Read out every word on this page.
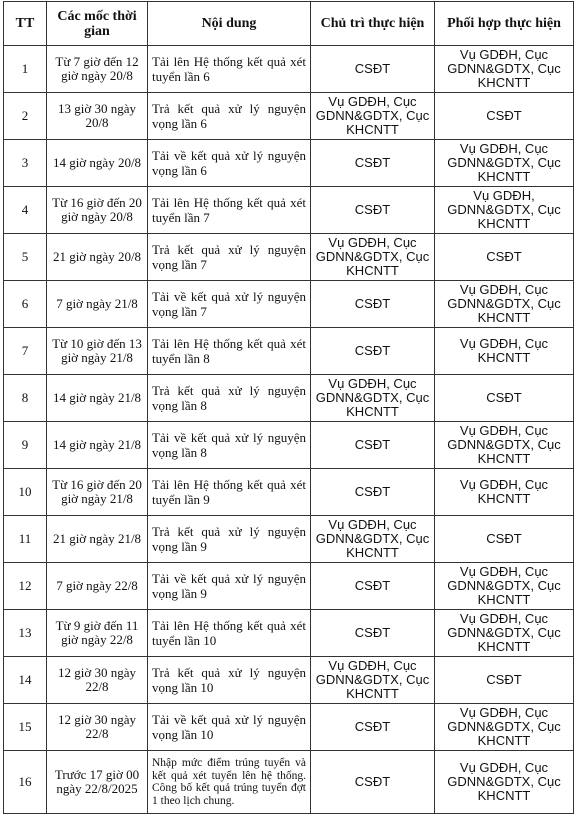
TT	Các mốc thời gian	Nội dung	Chủ trì thực hiện	Phối hợp thực hiện
1	Từ 7 giờ đến 12 giờ ngày 20/8	Tải lên Hệ thống kết quả xét tuyển lần 6	CSĐT	Vụ GDĐH, Cục GDNN&GDTX, Cục KHCNTT
2	13 giờ 30 ngày 20/8	Trả kết quả xử lý nguyện vọng lần 6	Vụ GDĐH, Cục GDNN&GDTX, Cục KHCNTT	CSĐT
3	14 giờ ngày 20/8	Tải về kết quả xử lý nguyện vọng lần 6	CSĐT	Vụ GDĐH, Cục GDNN&GDTX, Cục KHCNTT
4	Từ 16 giờ đến 20 giờ ngày 20/8	Tải lên Hệ thống kết quả xét tuyển lần 7	CSĐT	Vụ GDĐH, GDNN&GDTX, Cục KHCNTT
5	21 giờ ngày 20/8	Trả kết quả xử lý nguyện vọng lần 7	Vụ GDĐH, Cục GDNN&GDTX, Cục KHCNTT	CSĐT
6	7 giờ ngày 21/8	Tải về kết quả xử lý nguyện vọng lần 7	CSĐT	Vụ GDĐH, Cục GDNN&GDTX, Cục KHCNTT
7	Từ 10 giờ đến 13 giờ ngày 21/8	Tải lên Hệ thống kết quả xét tuyển lần 8	CSĐT	Vụ GDĐH, Cục KHCNTT
8	14 giờ ngày 21/8	Trả kết quả xử lý nguyện vọng lần 8	Vụ GDĐH, Cục GDNN&GDTX, Cục KHCNTT	CSĐT
9	14 giờ ngày 21/8	Tải về kết quả xử lý nguyện vọng lần 8	CSĐT	Vụ GDĐH, Cục GDNN&GDTX, Cục KHCNTT
10	Từ 16 giờ đến 20 giờ ngày 21/8	Tải lên Hệ thống kết quả xét tuyển lần 9	CSĐT	Vụ GDĐH, Cục KHCNTT
11	21 giờ ngày 21/8	Trả kết quả xử lý nguyện vọng lần 9	Vụ GDĐH, Cục GDNN&GDTX, Cục KHCNTT	CSĐT
12	7 giờ ngày 22/8	Tải về kết quả xử lý nguyện vọng lần 9	CSĐT	Vụ GDĐH, Cục GDNN&GDTX, Cục KHCNTT
13	Từ 9 giờ đến 11 giờ ngày 22/8	Tải lên Hệ thống kết quả xét tuyển lần 10	CSĐT	Vụ GDĐH, Cục GDNN&GDTX, Cục KHCNTT
14	12 giờ 30 ngày 22/8	Trả kết quả xử lý nguyện vọng lần 10	Vụ GDĐH, Cục GDNN&GDTX, Cục KHCNTT	CSĐT
15	12 giờ 30 ngày 22/8	Tải về kết quả xử lý nguyện vọng lần 10	CSĐT	Vụ GDĐH, Cục GDNN&GDTX, Cục KHCNTT
16	Trước 17 giờ 00 ngày 22/8/2025	Nhập mức điểm trúng tuyển và kết quả xét tuyển lên hệ thống. Công bố kết quả trúng tuyển đợt 1 theo lịch chung.	CSĐT	Vụ GDĐH, Cục GDNN&GDTX, Cục KHCNTT
